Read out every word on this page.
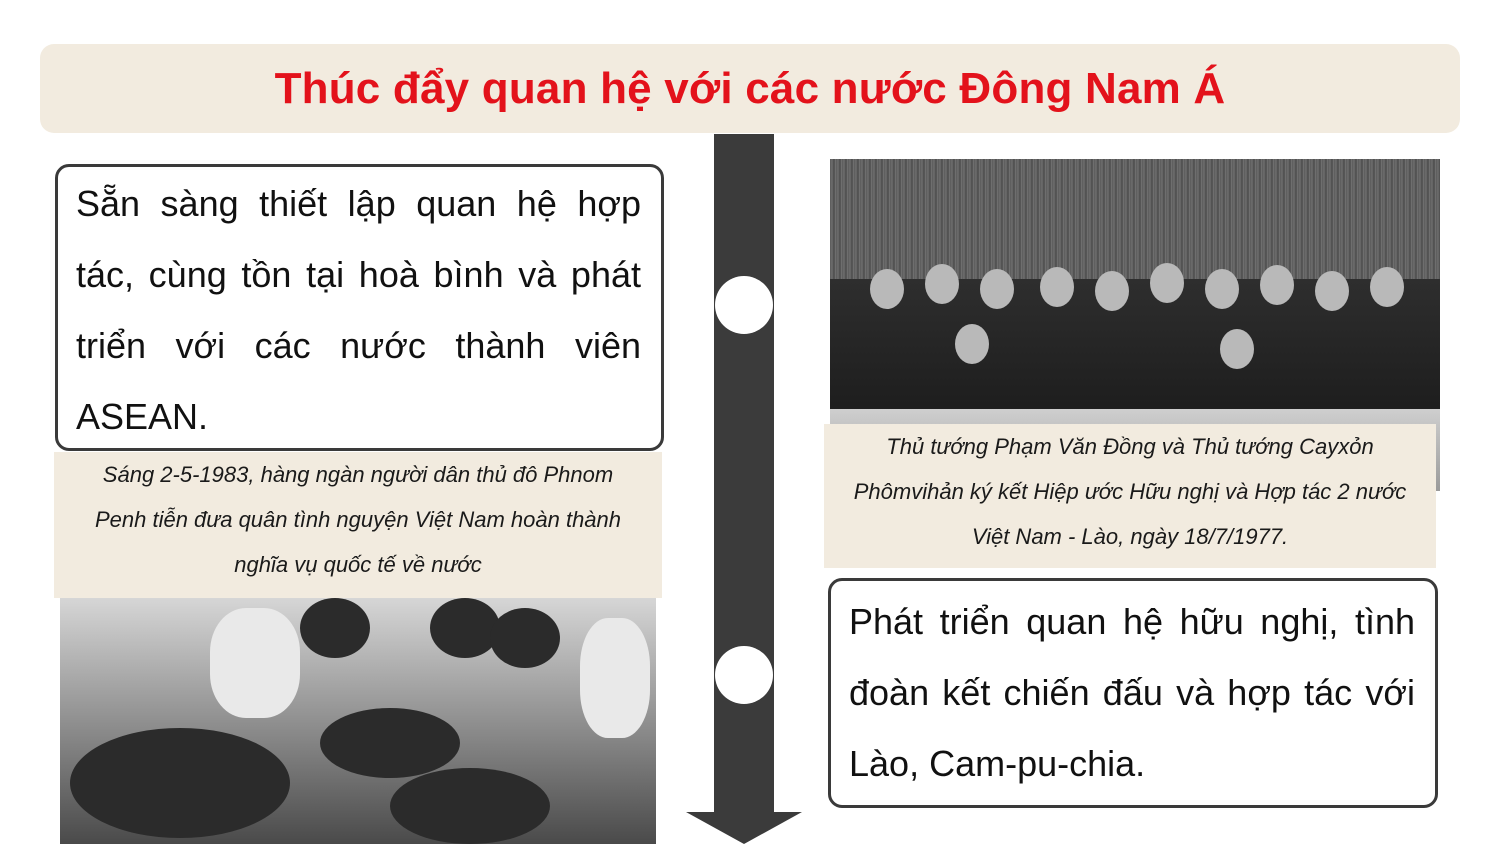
Thúc đẩy quan hệ với các nước Đông Nam Á

Sẵn sàng thiết lập quan hệ hợp tác, cùng tồn tại hoà bình và phát triển với các nước thành viên ASEAN.

Sáng 2-5-1983, hàng ngàn người dân thủ đô Phnom Penh tiễn đưa quân tình nguyện Việt Nam hoàn thành nghĩa vụ quốc tế về nước

Thủ tướng Phạm Văn Đồng và Thủ tướng Cayxỏn Phômvihản ký kết Hiệp ước Hữu nghị và Hợp tác 2 nước Việt Nam - Lào, ngày 18/7/1977.

Phát triển quan hệ hữu nghị, tình đoàn kết chiến đấu và hợp tác với Lào, Cam-pu-chia.
